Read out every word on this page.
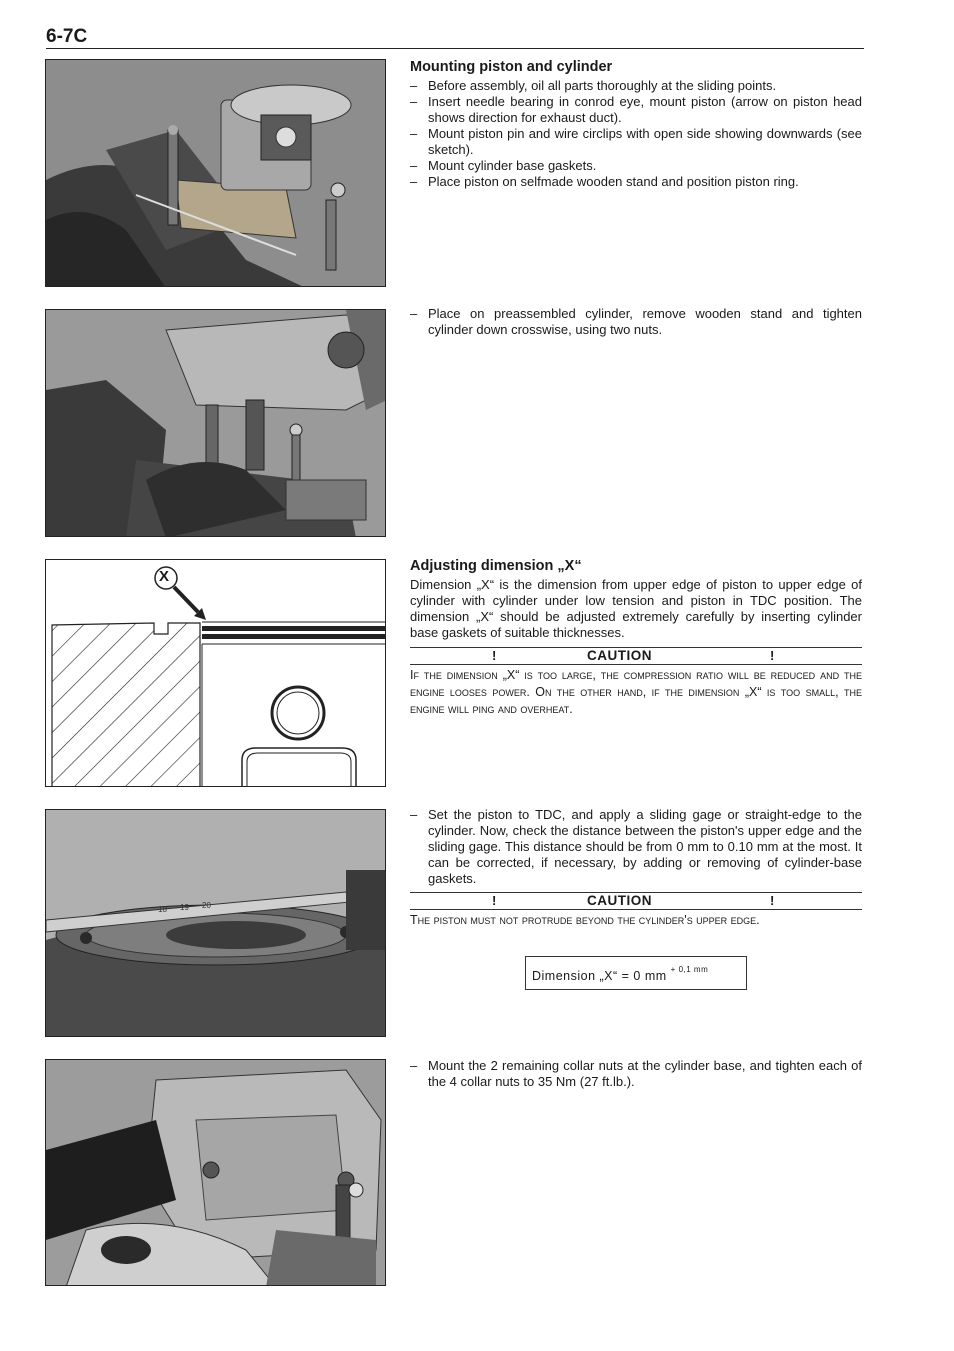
6-7C
Mounting piston and cylinder
– Before assembly, oil all parts thoroughly at the sliding points.
– Insert needle bearing in conrod eye, mount piston (arrow on piston head shows direction for exhaust duct).
– Mount piston pin and wire circlips with open side showing downwards (see sketch).
– Mount cylinder base gaskets.
– Place piston on selfmade wooden stand and position piston ring.
– Place on preassembled cylinder, remove wooden stand and tighten cylinder down crosswise, using two nuts.
X
Adjusting dimension „X“
Dimension „X“ is the dimension from upper edge of piston to upper edge of cylinder with cylinder under low tension and piston in TDC position. The dimension „X“ should be adjusted extremely carefully by inserting cylinder base gaskets of suitable thicknesses.
!	CAUTION	!
If the dimension „X“ is too large, the compression ratio will be reduced and the engine looses power. On the other hand, if the dimension „X“ is too small, the engine will ping and overheat.
18 19 20
– Set the piston to TDC, and apply a sliding gage or straight-edge to the cylinder. Now, check the distance between the piston's upper edge and the sliding gage. This distance should be from 0 mm to 0.10 mm at the most. It can be corrected, if necessary, by adding or removing of cylinder-base gaskets.
!	CAUTION	!
The piston must not protrude beyond the cylinder's upper edge.
Dimension „X“ = 0 mm $^{+ 0,1 mm}$
– Mount the 2 remaining collar nuts at the cylinder base, and tighten each of the 4 collar nuts to 35 Nm (27 ft.lb.).
